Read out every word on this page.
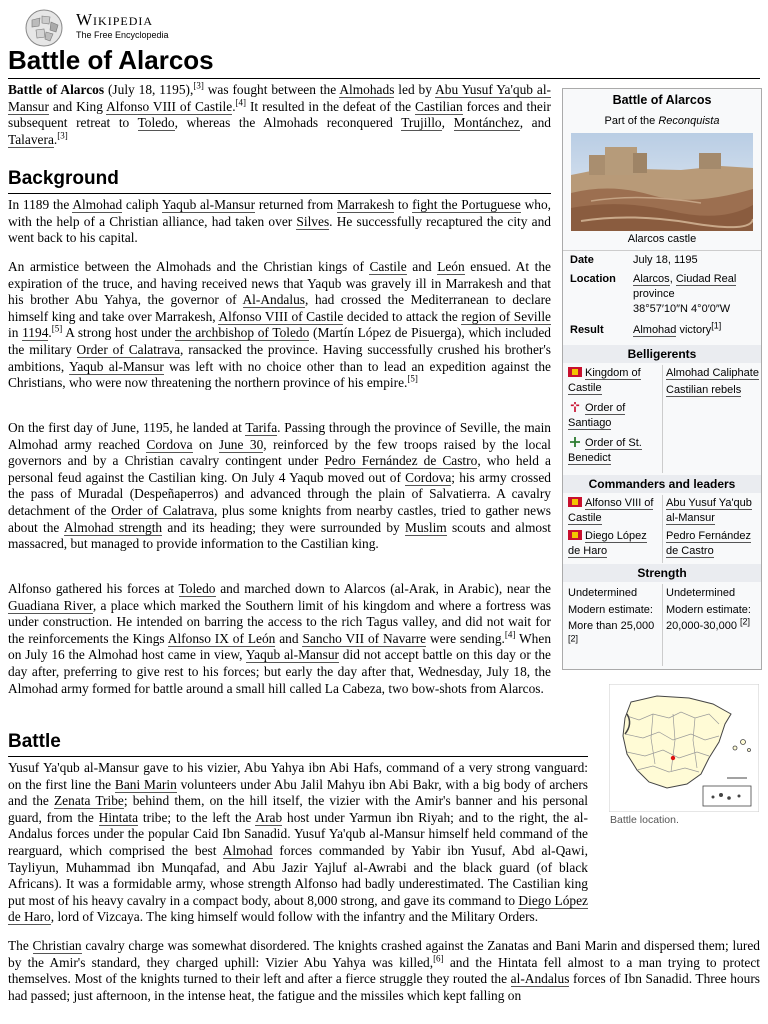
Wikipedia
The Free Encyclopedia
Battle of Alarcos

Battle of Alarcos (July 18, 1195),[3] was fought between the Almohads led by Abu Yusuf Ya'qub al-Mansur and King Alfonso VIII of Castile.[4] It resulted in the defeat of the Castilian forces and their subsequent retreat to Toledo, whereas the Almohads reconquered Trujillo, Montánchez, and Talavera.[3]

Background

In 1189 the Almohad caliph Yaqub al-Mansur returned from Marrakesh to fight the Portuguese who, with the help of a Christian alliance, had taken over Silves. He successfully recaptured the city and went back to his capital.

An armistice between the Almohads and the Christian kings of Castile and León ensued. At the expiration of the truce, and having received news that Yaqub was gravely ill in Marrakesh and that his brother Abu Yahya, the governor of Al-Andalus, had crossed the Mediterranean to declare himself king and take over Marrakesh, Alfonso VIII of Castile decided to attack the region of Seville in 1194.[5] A strong host under the archbishop of Toledo (Martín López de Pisuerga), which included the military Order of Calatrava, ransacked the province. Having successfully crushed his brother's ambitions, Yaqub al-Mansur was left with no choice other than to lead an expedition against the Christians, who were now threatening the northern province of his empire.[5]

On the first day of June, 1195, he landed at Tarifa. Passing through the province of Seville, the main Almohad army reached Cordova on June 30, reinforced by the few troops raised by the local governors and by a Christian cavalry contingent under Pedro Fernández de Castro, who held a personal feud against the Castilian king. On July 4 Yaqub moved out of Cordova; his army crossed the pass of Muradal (Despeñaperros) and advanced through the plain of Salvatierra. A cavalry detachment of the Order of Calatrava, plus some knights from nearby castles, tried to gather news about the Almohad strength and its heading; they were surrounded by Muslim scouts and almost massacred, but managed to provide information to the Castilian king.

Alfonso gathered his forces at Toledo and marched down to Alarcos (al-Arak, in Arabic), near the Guadiana River, a place which marked the Southern limit of his kingdom and where a fortress was under construction. He intended on barring the access to the rich Tagus valley, and did not wait for the reinforcements the Kings Alfonso IX of León and Sancho VII of Navarre were sending.[4] When on July 16 the Almohad host came in view, Yaqub al-Mansur did not accept battle on this day or the day after, preferring to give rest to his forces; but early the day after that, Wednesday, July 18, the Almohad army formed for battle around a small hill called La Cabeza, two bow-shots from Alarcos.

Battle

Yusuf Ya'qub al-Mansur gave to his vizier, Abu Yahya ibn Abi Hafs, command of a very strong vanguard: on the first line the Bani Marin volunteers under Abu Jalil Mahyu ibn Abi Bakr, with a big body of archers and the Zenata Tribe; behind them, on the hill itself, the vizier with the Amir's banner and his personal guard, from the Hintata tribe; to the left the Arab host under Yarmun ibn Riyah; and to the right, the al-Andalus forces under the popular Caid Ibn Sanadid. Yusuf Ya'qub al-Mansur himself held command of the rearguard, which comprised the best Almohad forces commanded by Yabir ibn Yusuf, Abd al-Qawi, Tayliyun, Muhammad ibn Munqafad, and Abu Jazir Yajluf al-Awrabi and the black guard (of black Africans). It was a formidable army, whose strength Alfonso had badly underestimated. The Castilian king put most of his heavy cavalry in a compact body, about 8,000 strong, and gave its command to Diego López de Haro, lord of Vizcaya. The king himself would follow with the infantry and the Military Orders.

The Christian cavalry charge was somewhat disordered. The knights crashed against the Zanatas and Bani Marin and dispersed them; lured by the Amir's standard, they charged uphill: Vizier Abu Yahya was killed,[6] and the Hintata fell almost to a man trying to protect themselves. Most of the knights turned to their left and after a fierce struggle they routed the al-Andalus forces of Ibn Sanadid. Three hours had passed; just afternoon, in the intense heat, the fatigue and the missiles which kept falling on

Battle of Alarcos
Part of the Reconquista
Alarcos castle
Date	July 18, 1195
Location Alarcos, Ciudad Real province
38°57′10″N 4°0′0″W
Result	Almohad victory[1]
Belligerents
Kingdom of Castile
Order of Santiago
Order of St. Benedict
Almohad Caliphate
Castilian rebels
Commanders and leaders
Alfonso VIII of Castile
Diego López de Haro
Abu Yusuf Ya'qub al-Mansur
Pedro Fernández de Castro
Strength
Undetermined
Modern estimate: More than 25,000 [2]
Undetermined
Modern estimate: 20,000-30,000 [2]
Battle location.
